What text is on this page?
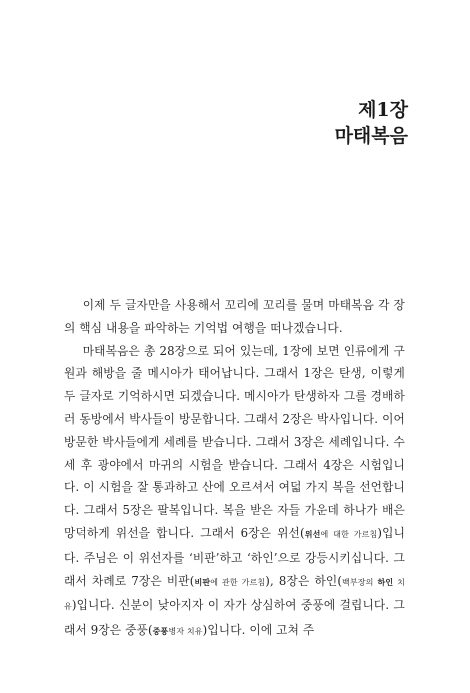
제1장
마태복음

이제 두 글자만을 사용해서 꼬리에 꼬리를 물며 마태복음 각 장의 핵심 내용을 파악하는 기억법 여행을 떠나겠습니다.

마태복음은 총 28장으로 되어 있는데, 1장에 보면 인류에게 구원과 해방을 줄 메시아가 태어납니다. 그래서 1장은 탄생, 이렇게 두 글자로 기억하시면 되겠습니다. 메시아가 탄생하자 그를 경배하러 동방에서 박사들이 방문합니다. 그래서 2장은 박사입니다. 이어 방문한 박사들에게 세례를 받습니다. 그래서 3장은 세례입니다. 수세 후 광야에서 마귀의 시험을 받습니다. 그래서 4장은 시험입니다. 이 시험을 잘 통과하고 산에 오르셔서 여덟 가지 복을 선언합니다. 그래서 5장은 팔복입니다. 복을 받은 자들 가운데 하나가 배은망덕하게 위선을 합니다. 그래서 6장은 위선(위선에 대한 가르침)입니다. 주님은 이 위선자를 ‘비판’하고 ‘하인’으로 강등시키십니다. 그래서 차례로 7장은 비판(비판에 관한 가르침), 8장은 하인(백부장의 하인 치유)입니다. 신분이 낮아지자 이 자가 상심하여 중풍에 걸립니다. 그래서 9장은 중풍(중풍병자 치유)입니다. 이에 고쳐 주
